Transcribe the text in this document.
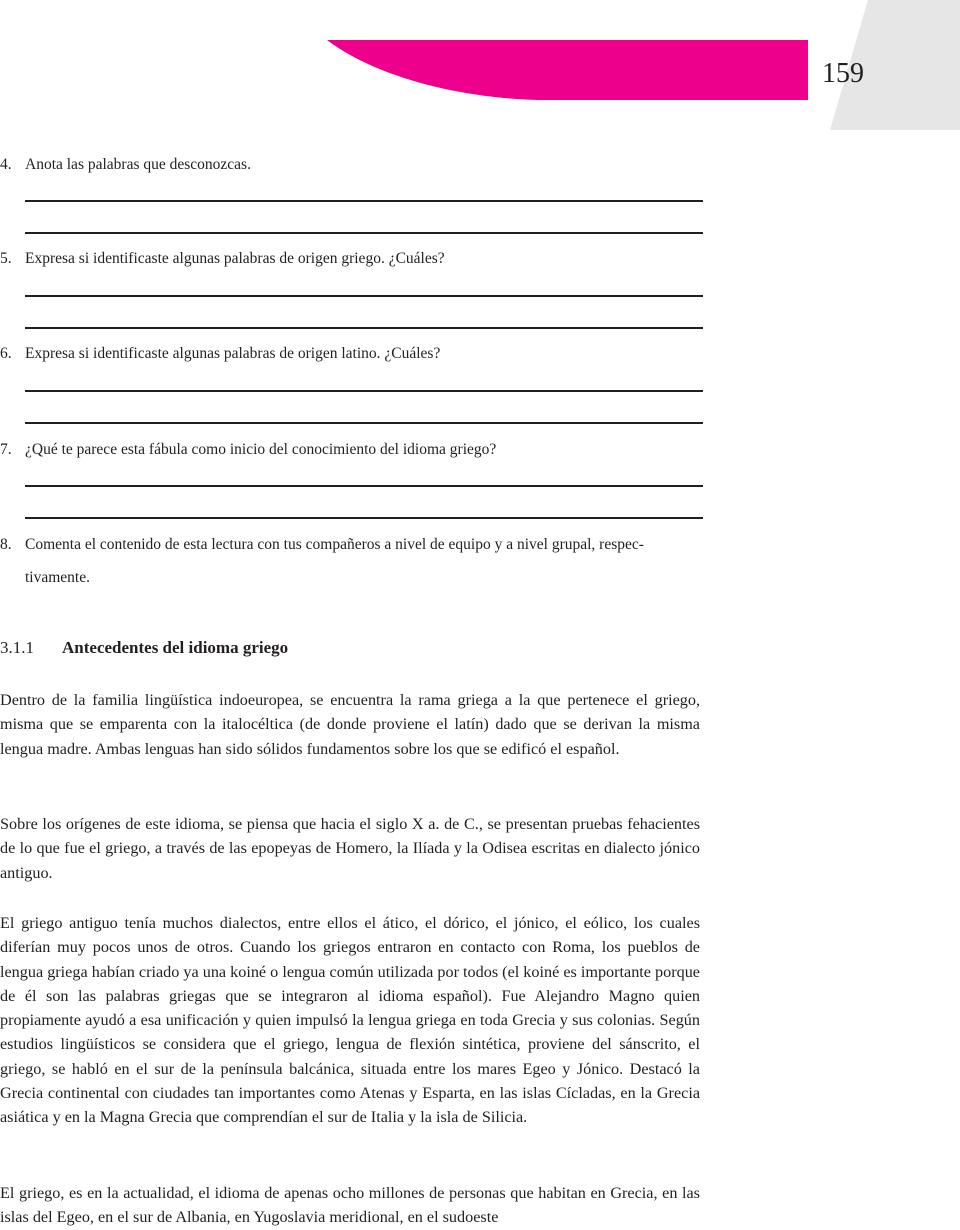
EL LÉXICO GRIEGO EN EL ESPAÑOL 159
4. Anota las palabras que desconozcas.
5. Expresa si identificaste algunas palabras de origen griego. ¿Cuáles?
6. Expresa si identificaste algunas palabras de origen latino. ¿Cuáles?
7. ¿Qué te parece esta fábula como inicio del conocimiento del idioma griego?
8. Comenta el contenido de esta lectura con tus compañeros a nivel de equipo y a nivel grupal, respec-
tivamente.
3.1.1 Antecedentes del idioma griego

Dentro de la familia lingüística indoeuropea, se encuentra la rama griega a la que pertenece el griego, misma que se emparenta con la italocéltica (de donde proviene el latín) dado que se derivan la misma lengua madre. Ambas lenguas han sido sólidos fundamentos sobre los que se edificó el español.

Sobre los orígenes de este idioma, se piensa que hacia el siglo X a. de C., se presentan pruebas fehacientes de lo que fue el griego, a través de las epopeyas de Homero, la Ilíada y la Odisea escritas en dialecto jónico antiguo.

El griego antiguo tenía muchos dialectos, entre ellos el ático, el dórico, el jónico, el eólico, los cuales diferían muy pocos unos de otros. Cuando los griegos entraron en contacto con Roma, los pueblos de lengua griega habían criado ya una koiné o lengua común utilizada por todos (el koiné es importante porque de él son las palabras griegas que se integraron al idioma español). Fue Alejandro Magno quien propiamente ayudó a esa unificación y quien impulsó la lengua griega en toda Grecia y sus colonias. Según estudios lingüísticos se considera que el griego, lengua de flexión sintética, proviene del sánscrito, el griego, se habló en el sur de la península balcánica, situada entre los mares Egeo y Jónico. Destacó la Grecia continental con ciudades tan importantes como Atenas y Esparta, en las islas Cícladas, en la Grecia asiática y en la Magna Grecia que comprendían el sur de Italia y la isla de Silicia.

El griego, es en la actualidad, el idioma de apenas ocho millones de personas que habitan en Grecia, en las islas del Egeo, en el sur de Albania, en Yugoslavia meridional, en el sudoeste
